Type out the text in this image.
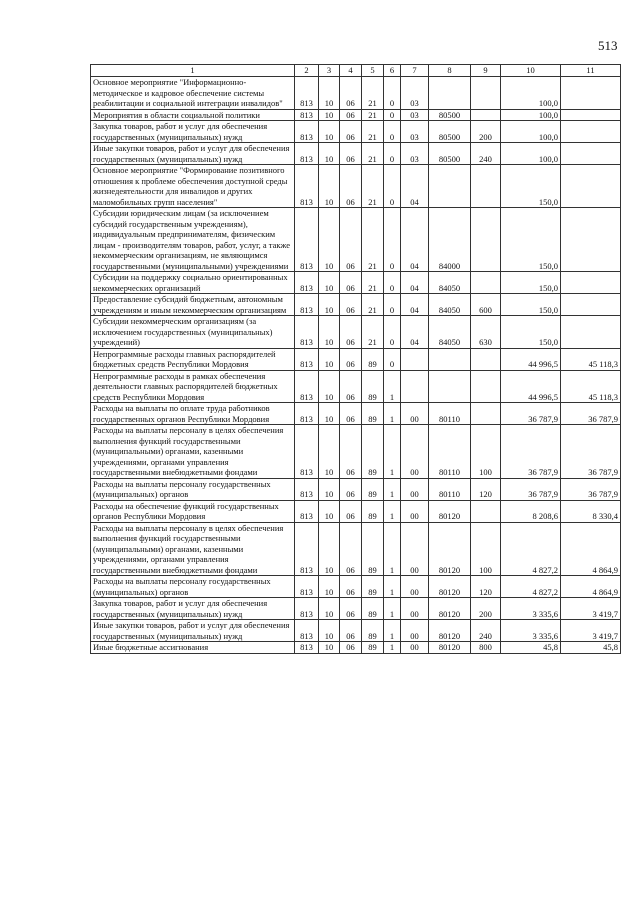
513
1	2	3	4	5	6	7	8	9	10	11
Основное мероприятие "Информационно-методическое и кадровое обеспечение системы реабилитации и социальной интеграции инвалидов"	813	10	06	21	0	03			100,0	
Мероприятия в области социальной политики	813	10	06	21	0	03	80500		100,0	
Закупка товаров, работ и услуг для обеспечения государственных (муниципальных) нужд	813	10	06	21	0	03	80500	200	100,0	
Иные закупки товаров, работ и услуг для обеспечения государственных (муниципальных) нужд	813	10	06	21	0	03	80500	240	100,0	
Основное мероприятие "Формирование позитивного отношения к проблеме обеспечения доступной среды жизнедеятельности для инвалидов и других маломобильных групп населения"	813	10	06	21	0	04			150,0	
Субсидии юридическим лицам (за исключением субсидий государственным учреждениям), индивидуальным предпринимателям, физическим лицам - производителям товаров, работ, услуг, а также некоммерческим организациям, не являющимся государственными (муниципальными) учреждениями	813	10	06	21	0	04	84000		150,0	
Субсидии на поддержку социально ориентированных некоммерческих организаций	813	10	06	21	0	04	84050		150,0	
Предоставление субсидий бюджетным, автономным учреждениям и иным некоммерческим организациям	813	10	06	21	0	04	84050	600	150,0	
Субсидии некоммерческим организациям (за исключением государственных (муниципальных) учреждений)	813	10	06	21	0	04	84050	630	150,0	
Непрограммные расходы главных распорядителей бюджетных средств Республики Мордовия	813	10	06	89	0				44 996,5	45 118,3
Непрограммные расходы в рамках обеспечения деятельности главных распорядителей бюджетных средств Республики Мордовия	813	10	06	89	1				44 996,5	45 118,3
Расходы на выплаты по оплате труда работников государственных органов Республики Мордовия	813	10	06	89	1	00	80110		36 787,9	36 787,9
Расходы на выплаты персоналу в целях обеспечения выполнения функций государственными (муниципальными) органами, казенными учреждениями, органами управления государственными внебюджетными фондами	813	10	06	89	1	00	80110	100	36 787,9	36 787,9
Расходы на выплаты персоналу государственных (муниципальных) органов	813	10	06	89	1	00	80110	120	36 787,9	36 787,9
Расходы на обеспечение функций государственных органов Республики Мордовия	813	10	06	89	1	00	80120		8 208,6	8 330,4
Расходы на выплаты персоналу в целях обеспечения выполнения функций государственными (муниципальными) органами, казенными учреждениями, органами управления государственными внебюджетными фондами	813	10	06	89	1	00	80120	100	4 827,2	4 864,9
Расходы на выплаты персоналу государственных (муниципальных) органов	813	10	06	89	1	00	80120	120	4 827,2	4 864,9
Закупка товаров, работ и услуг для обеспечения государственных (муниципальных) нужд	813	10	06	89	1	00	80120	200	3 335,6	3 419,7
Иные закупки товаров, работ и услуг для обеспечения государственных (муниципальных) нужд	813	10	06	89	1	00	80120	240	3 335,6	3 419,7
Иные бюджетные ассигнования	813	10	06	89	1	00	80120	800	45,8	45,8
